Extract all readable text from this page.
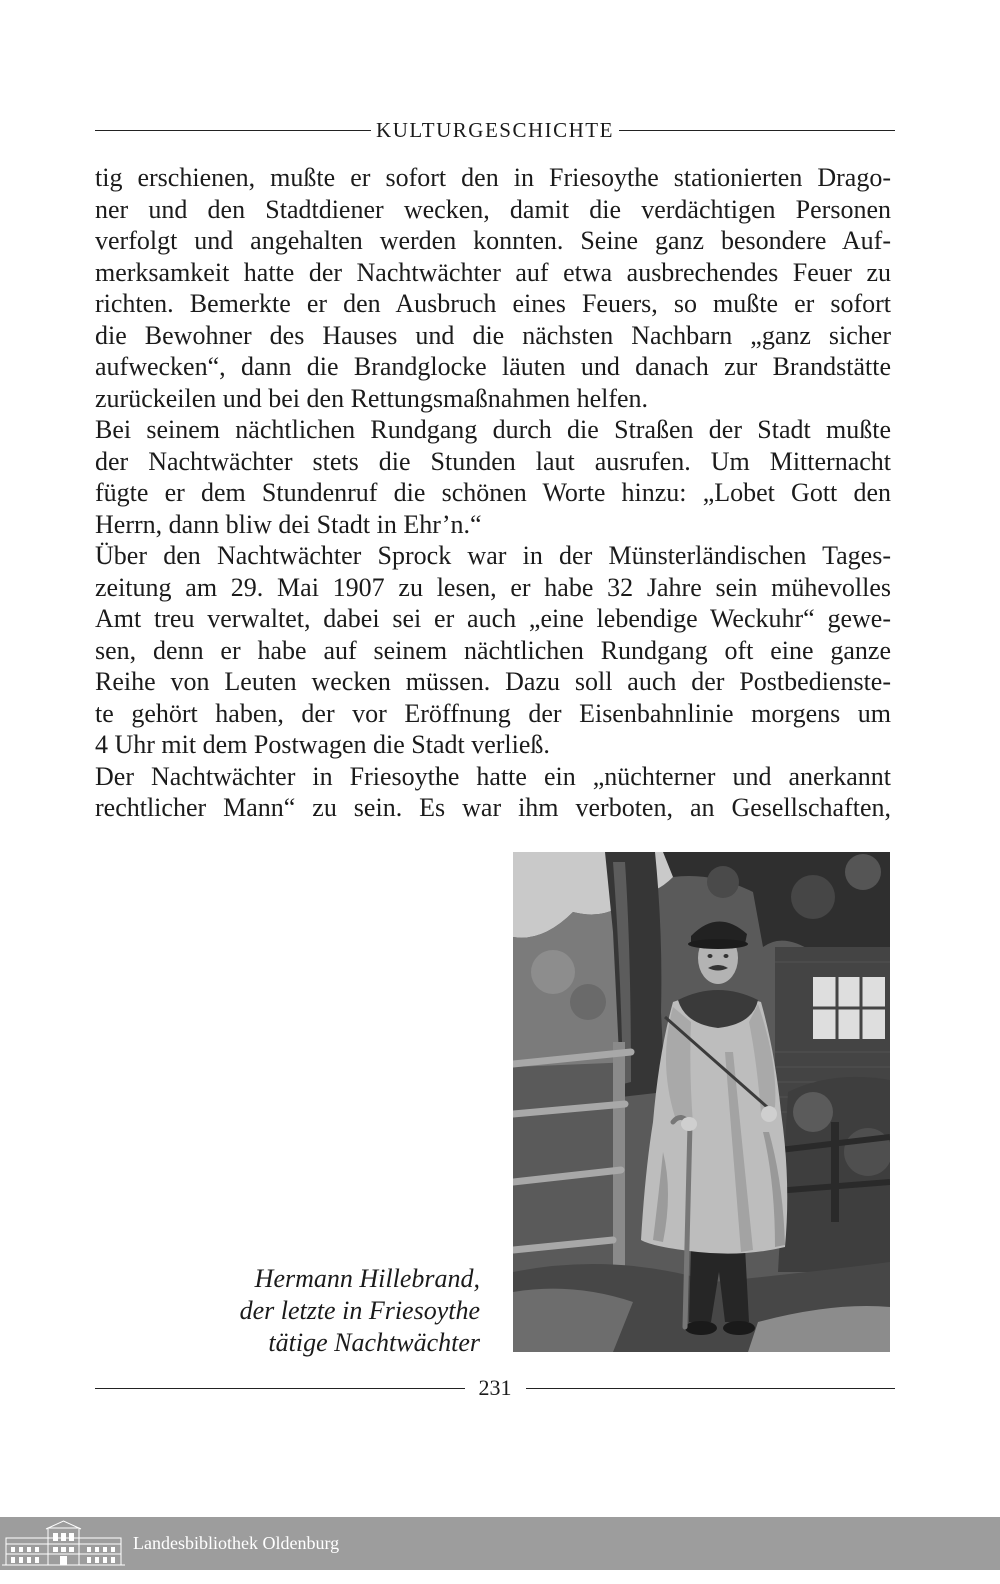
KULTURGESCHICHTE
tig erschienen, mußte er sofort den in Friesoythe stationierten Drago-
ner und den Stadtdiener wecken, damit die verdächtigen Personen
verfolgt und angehalten werden konnten. Seine ganz besondere Auf-
merksamkeit hatte der Nachtwächter auf etwa ausbrechendes Feuer zu
richten. Bemerkte er den Ausbruch eines Feuers, so mußte er sofort
die Bewohner des Hauses und die nächsten Nachbarn „ganz sicher
aufwecken“, dann die Brandglocke läuten und danach zur Brandstätte
zurückeilen und bei den Rettungsmaßnahmen helfen.
Bei seinem nächtlichen Rundgang durch die Straßen der Stadt mußte
der Nachtwächter stets die Stunden laut ausrufen. Um Mitternacht
fügte er dem Stundenruf die schönen Worte hinzu: „Lobet Gott den
Herrn, dann bliw dei Stadt in Ehr’n.“
Über den Nachtwächter Sprock war in der Münsterländischen Tages-
zeitung am 29. Mai 1907 zu lesen, er habe 32 Jahre sein mühevolles
Amt treu verwaltet, dabei sei er auch „eine lebendige Weckuhr“ gewe-
sen, denn er habe auf seinem nächtlichen Rundgang oft eine ganze
Reihe von Leuten wecken müssen. Dazu soll auch der Postbedienste-
te gehört haben, der vor Eröffnung der Eisenbahnlinie morgens um
4 Uhr mit dem Postwagen die Stadt verließ.
Der Nachtwächter in Friesoythe hatte ein „nüchterner und anerkannt
rechtlicher Mann“ zu sein. Es war ihm verboten, an Gesellschaften,
Hermann Hillebrand,
der letzte in Friesoythe
tätige Nachtwächter
231
Landesbibliothek Oldenburg
